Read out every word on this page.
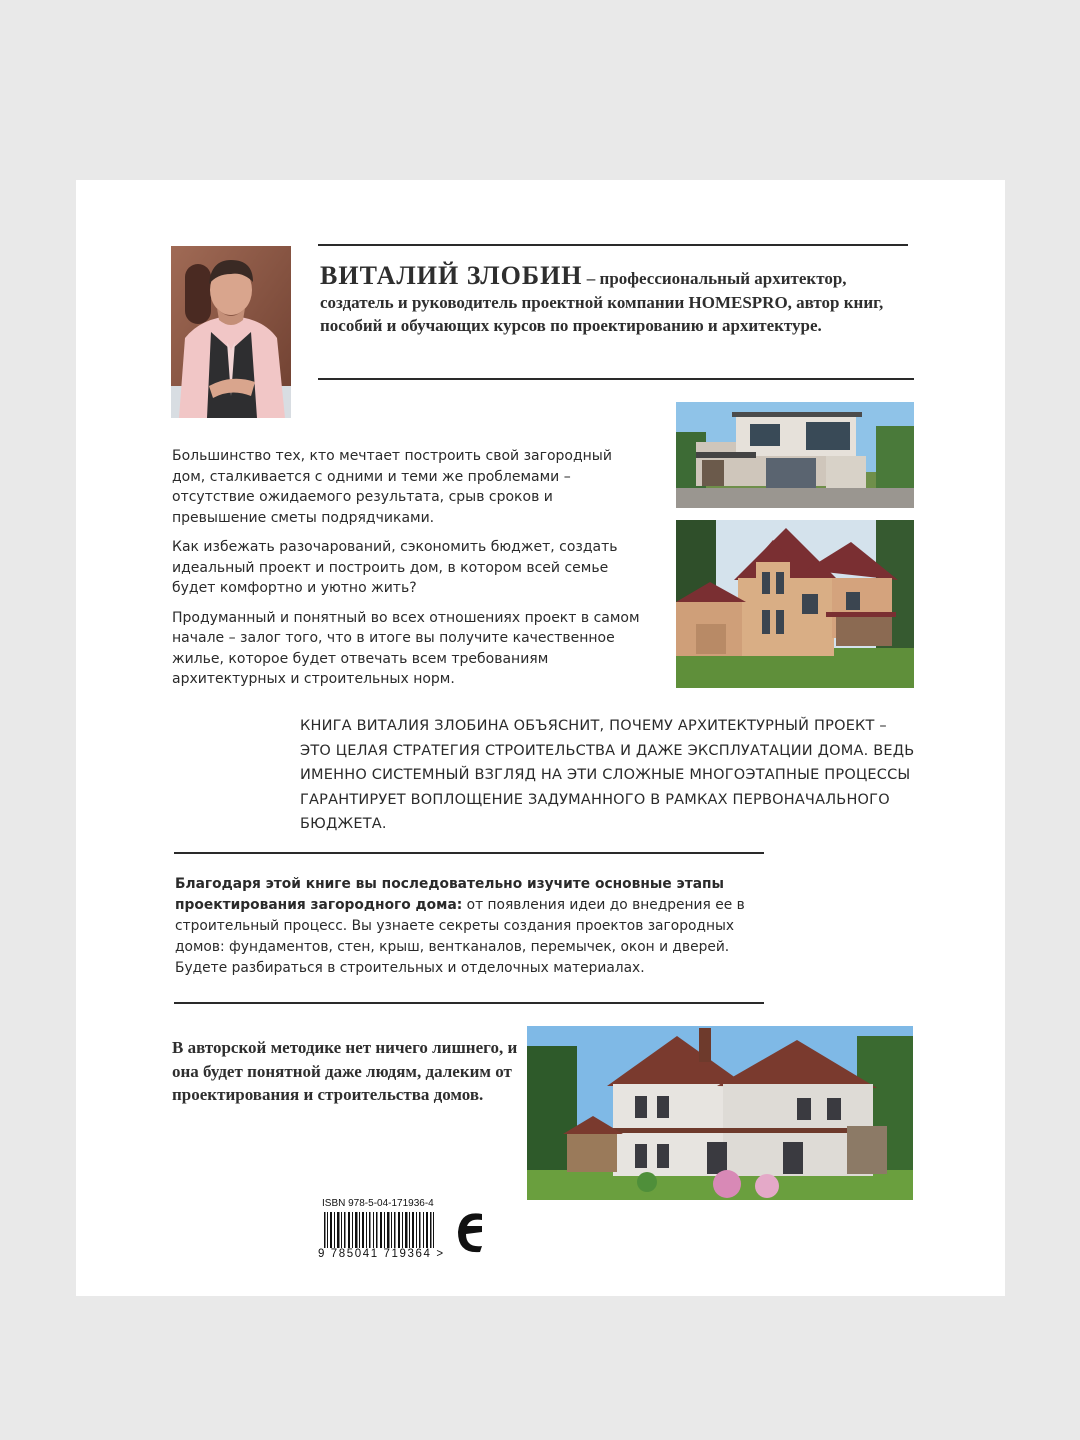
ВИТАЛИЙ ЗЛОБИН – профессиональный архитектор, создатель и руководитель проектной компании HOMESPRO, автор книг, пособий и обучающих курсов по проектированию и архитектуре.

Большинство тех, кто мечтает построить свой загородный дом, сталкивается с одними и теми же проблемами – отсутствие ожидаемого результата, срыв сроков и превышение сметы подрядчиками.

Как избежать разочарований, сэкономить бюджет, создать идеальный проект и построить дом, в котором всей семье будет комфортно и уютно жить?

Продуманный и понятный во всех отношениях проект в самом начале – залог того, что в итоге вы получите качественное жилье, которое будет отвечать всем требованиям архитектурных и строительных норм.

КНИГА ВИТАЛИЯ ЗЛОБИНА ОБЪЯСНИТ, ПОЧЕМУ АРХИТЕКТУРНЫЙ ПРОЕКТ – ЭТО ЦЕЛАЯ СТРАТЕГИЯ СТРОИТЕЛЬСТВА И ДАЖЕ ЭКСПЛУАТАЦИИ ДОМА. ВЕДЬ ИМЕННО СИСТЕМНЫЙ ВЗГЛЯД НА ЭТИ СЛОЖНЫЕ МНОГОЭТАПНЫЕ ПРОЦЕССЫ ГАРАНТИРУЕТ ВОПЛОЩЕНИЕ ЗАДУМАННОГО В РАМКАХ ПЕРВОНАЧАЛЬНОГО БЮДЖЕТА.
Благодаря этой книге вы последовательно изучите основные этапы проектирования загородного дома: от появления идеи до внедрения ее в строительный процесс. Вы узнаете секреты создания проектов загородных домов: фундаментов, стен, крыш, вентканалов, перемычек, окон и дверей. Будете разбираться в строительных и отделочных материалах.
В авторской методике нет ничего лишнего, и она будет понятной даже людям, далеким от проектирования и строительства домов.
ISBN 978-5-04-171936-4
9 785041 719364 >
